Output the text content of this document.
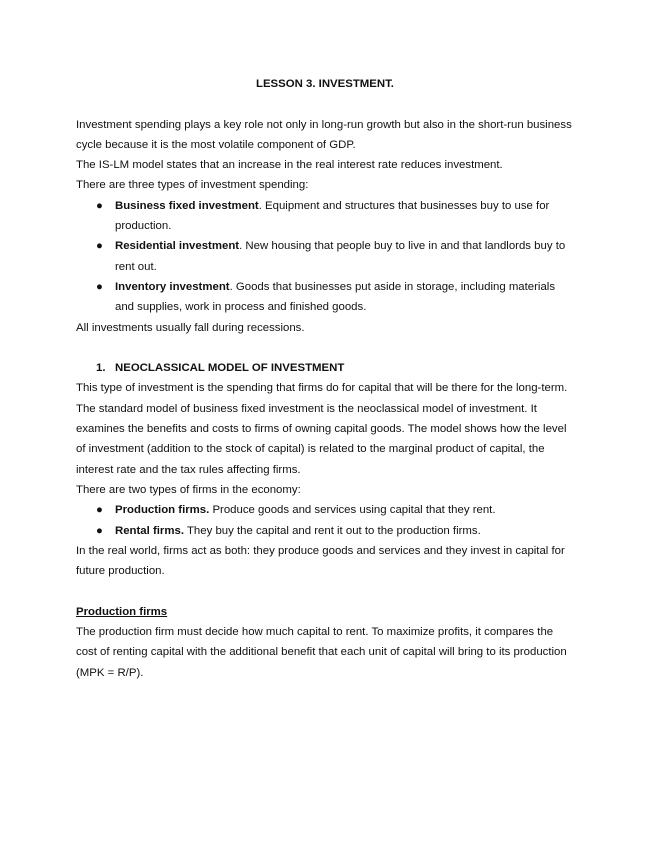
LESSON 3. INVESTMENT.

Investment spending plays a key role not only in long-run growth but also in the short-run business cycle because it is the most volatile component of GDP.

The IS-LM model states that an increase in the real interest rate reduces investment.

There are three types of investment spending:

● Business fixed investment. Equipment and structures that businesses buy to use for production.
● Residential investment. New housing that people buy to live in and that landlords buy to rent out.
● Inventory investment. Goods that businesses put aside in storage, including materials and supplies, work in process and finished goods.

All investments usually fall during recessions.

1. NEOCLASSICAL MODEL OF INVESTMENT

This type of investment is the spending that firms do for capital that will be there for the long-term.

The standard model of business fixed investment is the neoclassical model of investment. It examines the benefits and costs to firms of owning capital goods. The model shows how the level of investment (addition to the stock of capital) is related to the marginal product of capital, the interest rate and the tax rules affecting firms.

There are two types of firms in the economy:

● Production firms. Produce goods and services using capital that they rent.
● Rental firms. They buy the capital and rent it out to the production firms.

In the real world, firms act as both: they produce goods and services and they invest in capital for future production.

Production firms

The production firm must decide how much capital to rent. To maximize profits, it compares the cost of renting capital with the additional benefit that each unit of capital will bring to its production (MPK = R/P).
